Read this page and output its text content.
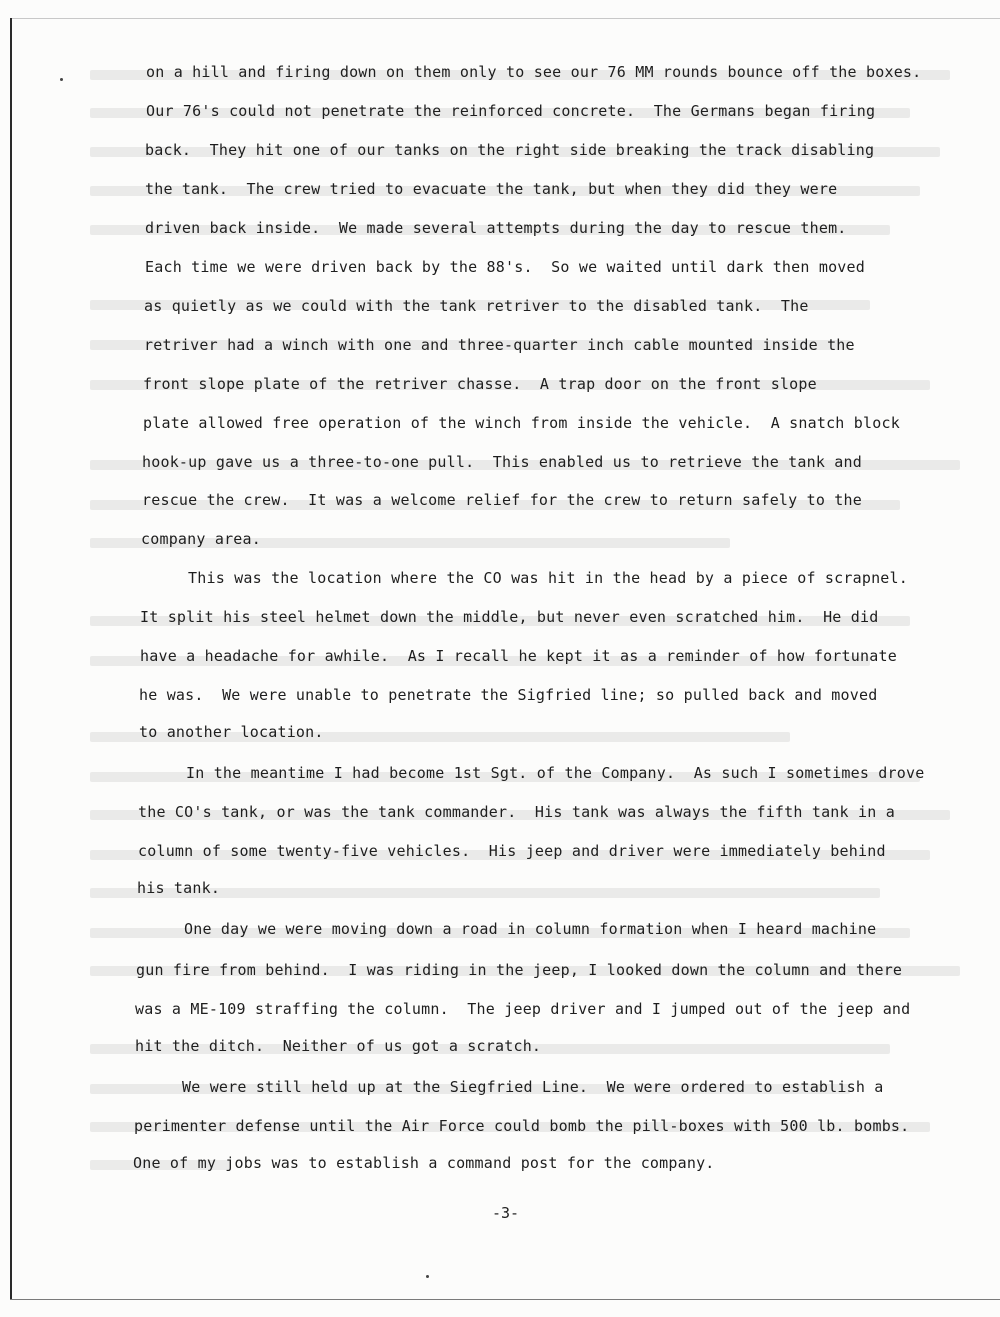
on a hill and firing down on them only to see our 76 MM rounds bounce off the boxes.
Our 76's could not penetrate the reinforced concrete.  The Germans began firing
back.  They hit one of our tanks on the right side breaking the track disabling
the tank.  The crew tried to evacuate the tank, but when they did they were
driven back inside.  We made several attempts during the day to rescue them.
Each time we were driven back by the 88's.  So we waited until dark then moved
as quietly as we could with the tank retriver to the disabled tank.  The
retriver had a winch with one and three-quarter inch cable mounted inside the
front slope plate of the retriver chasse.  A trap door on the front slope
plate allowed free operation of the winch from inside the vehicle.  A snatch block
hook-up gave us a three-to-one pull.  This enabled us to retrieve the tank and
rescue the crew.  It was a welcome relief for the crew to return safely to the
company area.
This was the location where the CO was hit in the head by a piece of scrapnel.
It split his steel helmet down the middle, but never even scratched him.  He did
have a headache for awhile.  As I recall he kept it as a reminder of how fortunate
he was.  We were unable to penetrate the Sigfried line; so pulled back and moved
to another location.
In the meantime I had become 1st Sgt. of the Company.  As such I sometimes drove
the CO's tank, or was the tank commander.  His tank was always the fifth tank in a
column of some twenty-five vehicles.  His jeep and driver were immediately behind
his tank.
One day we were moving down a road in column formation when I heard machine
gun fire from behind.  I was riding in the jeep, I looked down the column and there
was a ME-109 straffing the column.  The jeep driver and I jumped out of the jeep and
hit the ditch.  Neither of us got a scratch.
We were still held up at the Siegfried Line.  We were ordered to establish a
perimenter defense until the Air Force could bomb the pill-boxes with 500 lb. bombs.
One of my jobs was to establish a command post for the company.
-3-
